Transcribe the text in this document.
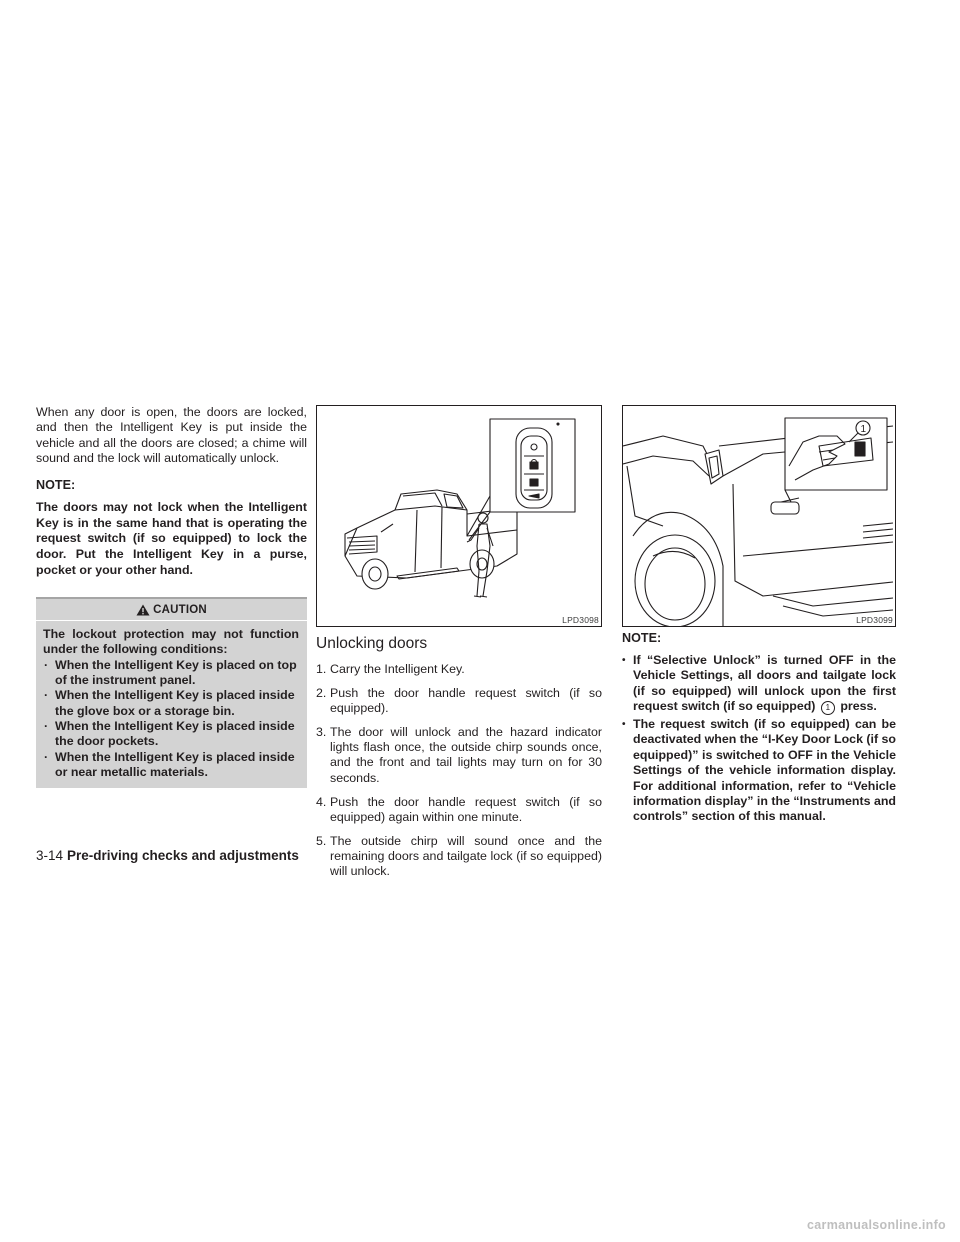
When any door is open, the doors are locked, and then the Intelligent Key is put inside the vehicle and all the doors are closed; a chime will sound and the lock will automatically unlock.

NOTE:

The doors may not lock when the Intelligent Key is in the same hand that is operating the request switch (if so equipped) to lock the door. Put the Intelligent Key in a purse, pocket or your other hand.

CAUTION

The lockout protection may not function under the following conditions:

· When the Intelligent Key is placed on top of the instrument panel.
· When the Intelligent Key is placed inside the glove box or a storage bin.
· When the Intelligent Key is placed inside the door pockets.
· When the Intelligent Key is placed inside or near metallic materials.
LPD3098
Unlocking doors
1. Carry the Intelligent Key.
2. Push the door handle request switch (if so equipped).
3. The door will unlock and the hazard indicator lights flash once, the outside chirp sounds once, and the front and tail lights may turn on for 30 seconds.
4. Push the door handle request switch (if so equipped) again within one minute.
5. The outside chirp will sound once and the remaining doors and tailgate lock (if so equipped) will unlock.
1
LPD3099
NOTE:
• If “Selective Unlock” is turned OFF in the Vehicle Settings, all doors and tailgate lock (if so equipped) will unlock upon the first request switch (if so equipped) 1 press.
• The request switch (if so equipped) can be deactivated when the “I-Key Door Lock (if so equipped)” is switched to OFF in the Vehicle Settings of the vehicle information display. For additional information, refer to “Vehicle information display” in the “Instruments and controls” section of this manual.
3-14 Pre-driving checks and adjustments
carmanualsonline.info
